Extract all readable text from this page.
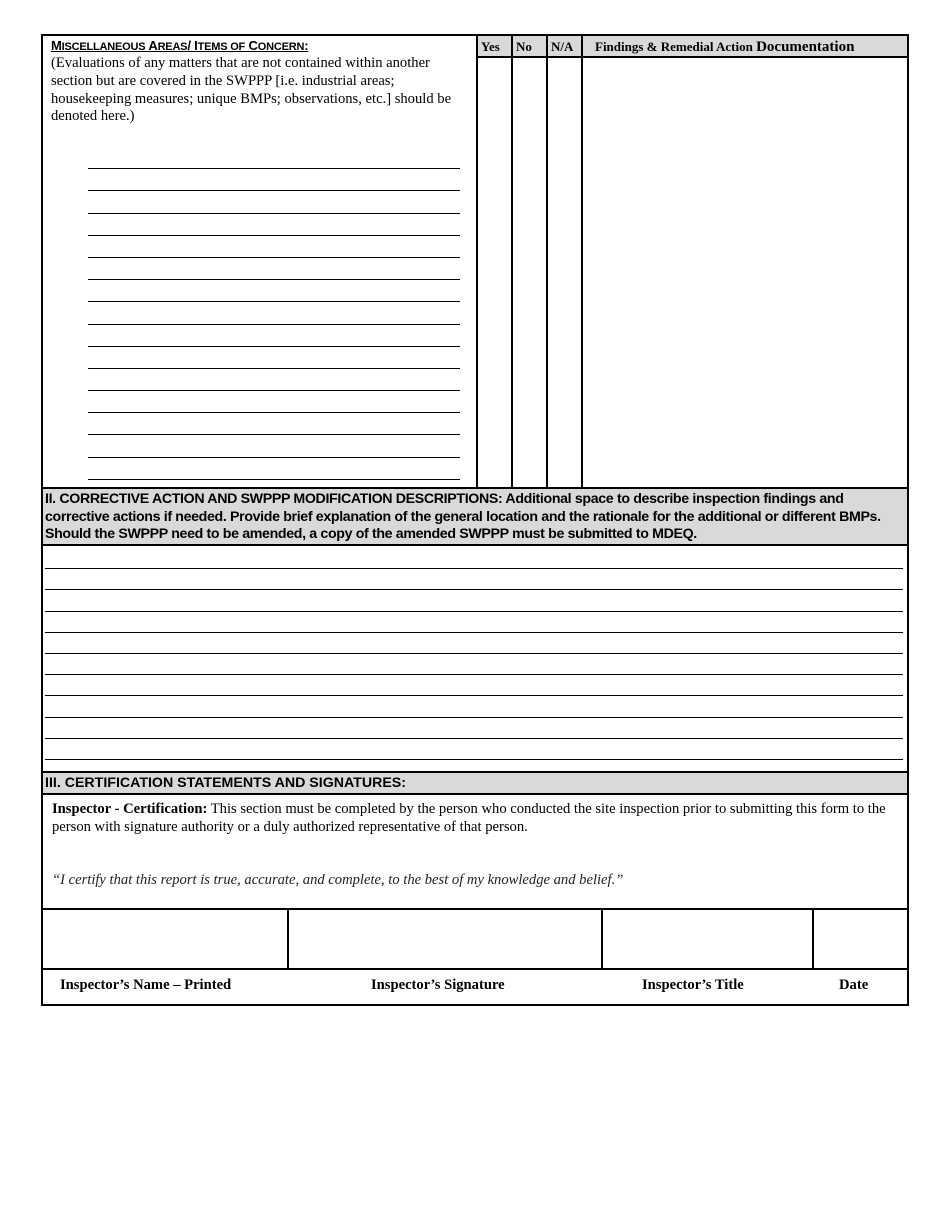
MISCELLANEOUS AREAS/ ITEMS OF CONCERN:
(Evaluations of any matters that are not contained within another section but are covered in the SWPPP [i.e. industrial areas; housekeeping measures; unique BMPs; observations, etc.] should be denoted here.)
Yes	No	N/A	Findings & Remedial Action Documentation
II. CORRECTIVE ACTION AND SWPPP MODIFICATION DESCRIPTIONS: Additional space to describe inspection findings and corrective actions if needed. Provide brief explanation of the general location and the rationale for the additional or different BMPs. Should the SWPPP need to be amended, a copy of the amended SWPPP must be submitted to MDEQ.
III. CERTIFICATION STATEMENTS AND SIGNATURES:
Inspector - Certification: This section must be completed by the person who conducted the site inspection prior to submitting this form to the person with signature authority or a duly authorized representative of that person.
“I certify that this report is true, accurate, and complete, to the best of my knowledge and belief.”
Inspector’s Name – Printed	Inspector’s Signature	Inspector’s Title	Date
